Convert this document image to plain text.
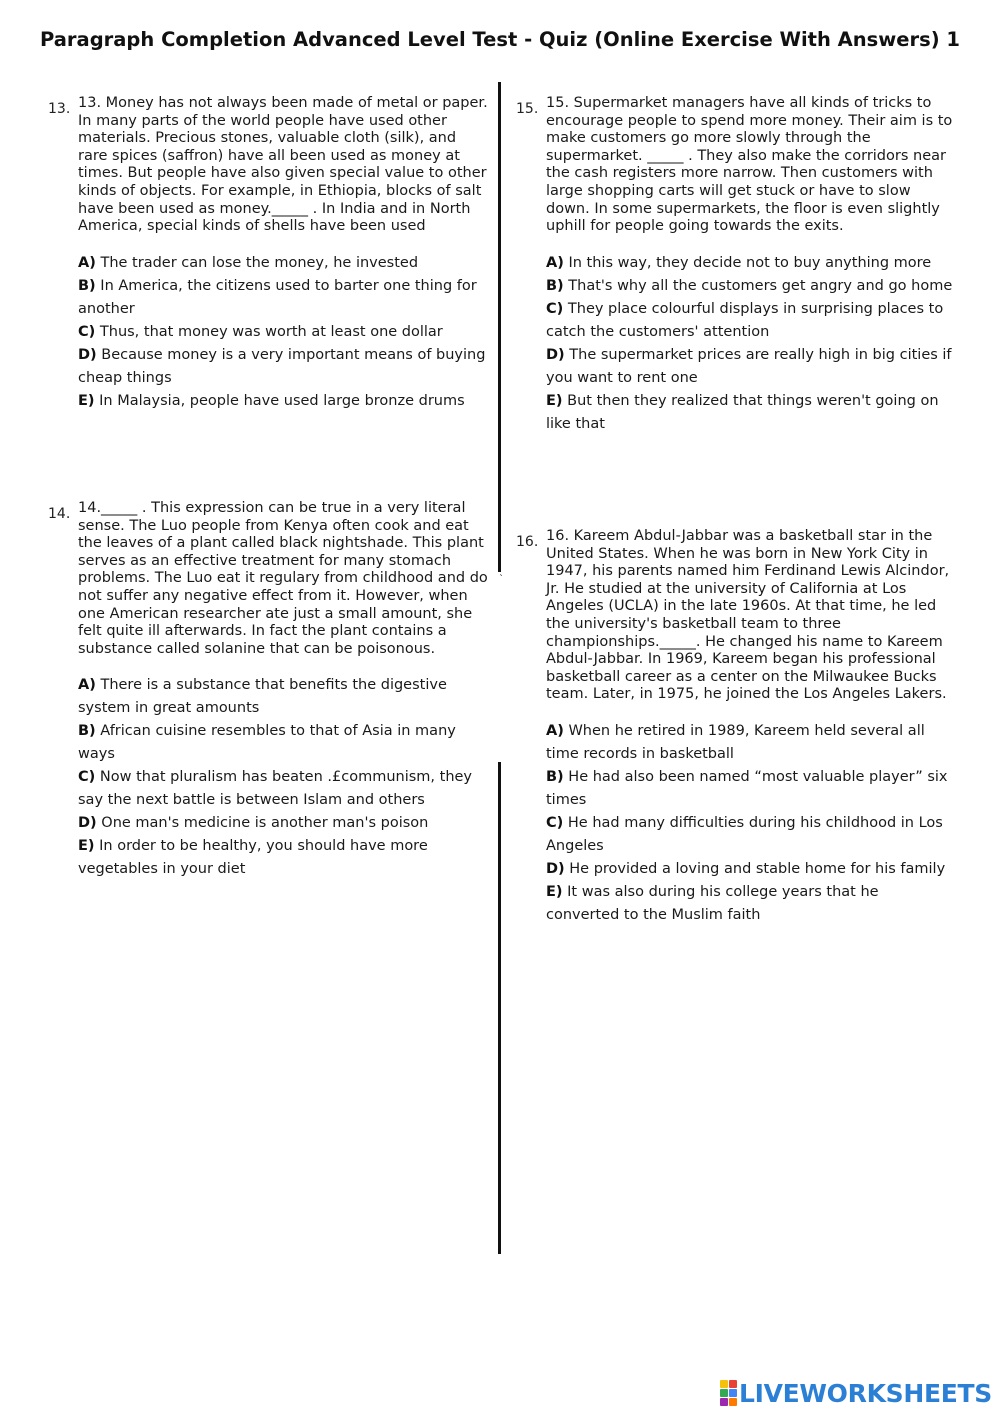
Paragraph Completion Advanced Level Test - Quiz (Online Exercise With Answers) 1
`
13. 13. Money has not always been made of metal or paper. In many parts of the world people have used other materials. Precious stones, valuable cloth (silk), and rare spices (saffron) have all been used as money at times. But people have also given special value to other kinds of objects. For example, in Ethiopia, blocks of salt have been used as money._____ . In India and in North America, special kinds of shells have been used
A) The trader can lose the money, he invested
B) In America, the citizens used to barter one thing for another
C) Thus, that money was worth at least one dollar
D) Because money is a very important means of buying cheap things
E) In Malaysia, people have used large bronze drums
14. 14._____ . This expression can be true in a very literal sense. The Luo people from Kenya often cook and eat the leaves of a plant called black nightshade. This plant serves as an effective treatment for many stomach problems. The Luo eat it regulary from childhood and do not suffer any negative effect from it. However, when one American researcher ate just a small amount, she felt quite ill afterwards. In fact the plant contains a substance called solanine that can be poisonous.
A) There is a substance that benefits the digestive system in great amounts
B) African cuisine resembles to that of Asia in many ways
C) Now that pluralism has beaten .£communism, they say the next battle is between Islam and others
D) One man's medicine is another man's poison
E) In order to be healthy, you should have more vegetables in your diet
15. 15. Supermarket managers have all kinds of tricks to encourage people to spend more money. Their aim is to make customers go more slowly through the supermarket. _____ . They also make the corridors near the cash registers more narrow. Then customers with large shopping carts will get stuck or have to slow down. In some supermarkets, the floor is even slightly uphill for people going towards the exits.
A) In this way, they decide not to buy anything more
B) That's why all the customers get angry and go home
C) They place colourful displays in surprising places to catch the customers' attention
D) The supermarket prices are really high in big cities if you want to rent one
E) But then they realized that things weren't going on like that
16. 16. Kareem Abdul-Jabbar was a basketball star in the United States. When he was born in New York City in 1947, his parents named him Ferdinand Lewis Alcindor, Jr. He studied at the university of California at Los Angeles (UCLA) in the late 1960s. At that time, he led the university's basketball team to three championships._____. He changed his name to Kareem Abdul-Jabbar. In 1969, Kareem began his professional basketball career as a center on the Milwaukee Bucks team. Later, in 1975, he joined the Los Angeles Lakers.
A) When he retired in 1989, Kareem held several all time records in basketball
B) He had also been named “most valuable player” six times
C) He had many difficulties during his childhood in Los Angeles
D) He provided a loving and stable home for his family
E) It was also during his college years that he converted to the Muslim faith
LIVEWORKSHEETS
